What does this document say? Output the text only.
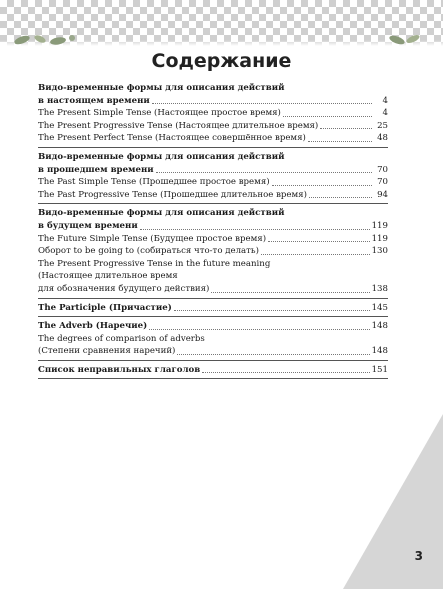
Содержание
Видо-временные формы для описания действий
в настоящем времени	4
The Present Simple Tense (Настоящее простое время)	4
The Present Progressive Tense (Настоящее длительное время)	25
The Present Perfect Tense (Настоящее совершённое время)	48
Видо-временные формы для описания действий
в прошедшем времени	70
The Past Simple Tense (Прошедшее простое время)	70
The Past Progressive Tense (Прошедшее длительное время)	94
Видо-временные формы для описания действий
в будущем времени	119
The Future Simple Tense (Будущее простое время)	119
Оборот to be going to (собираться что-то делать)	130
The Present Progressive Tense in the future meaning
(Настоящее длительное время
для обозначения будущего действия)	138
The Participle (Причастие)	145
The Adverb (Наречие)	148
The degrees of comparison of adverbs
(Степени сравнения наречий)	148
Список неправильных глаголов	151
3
